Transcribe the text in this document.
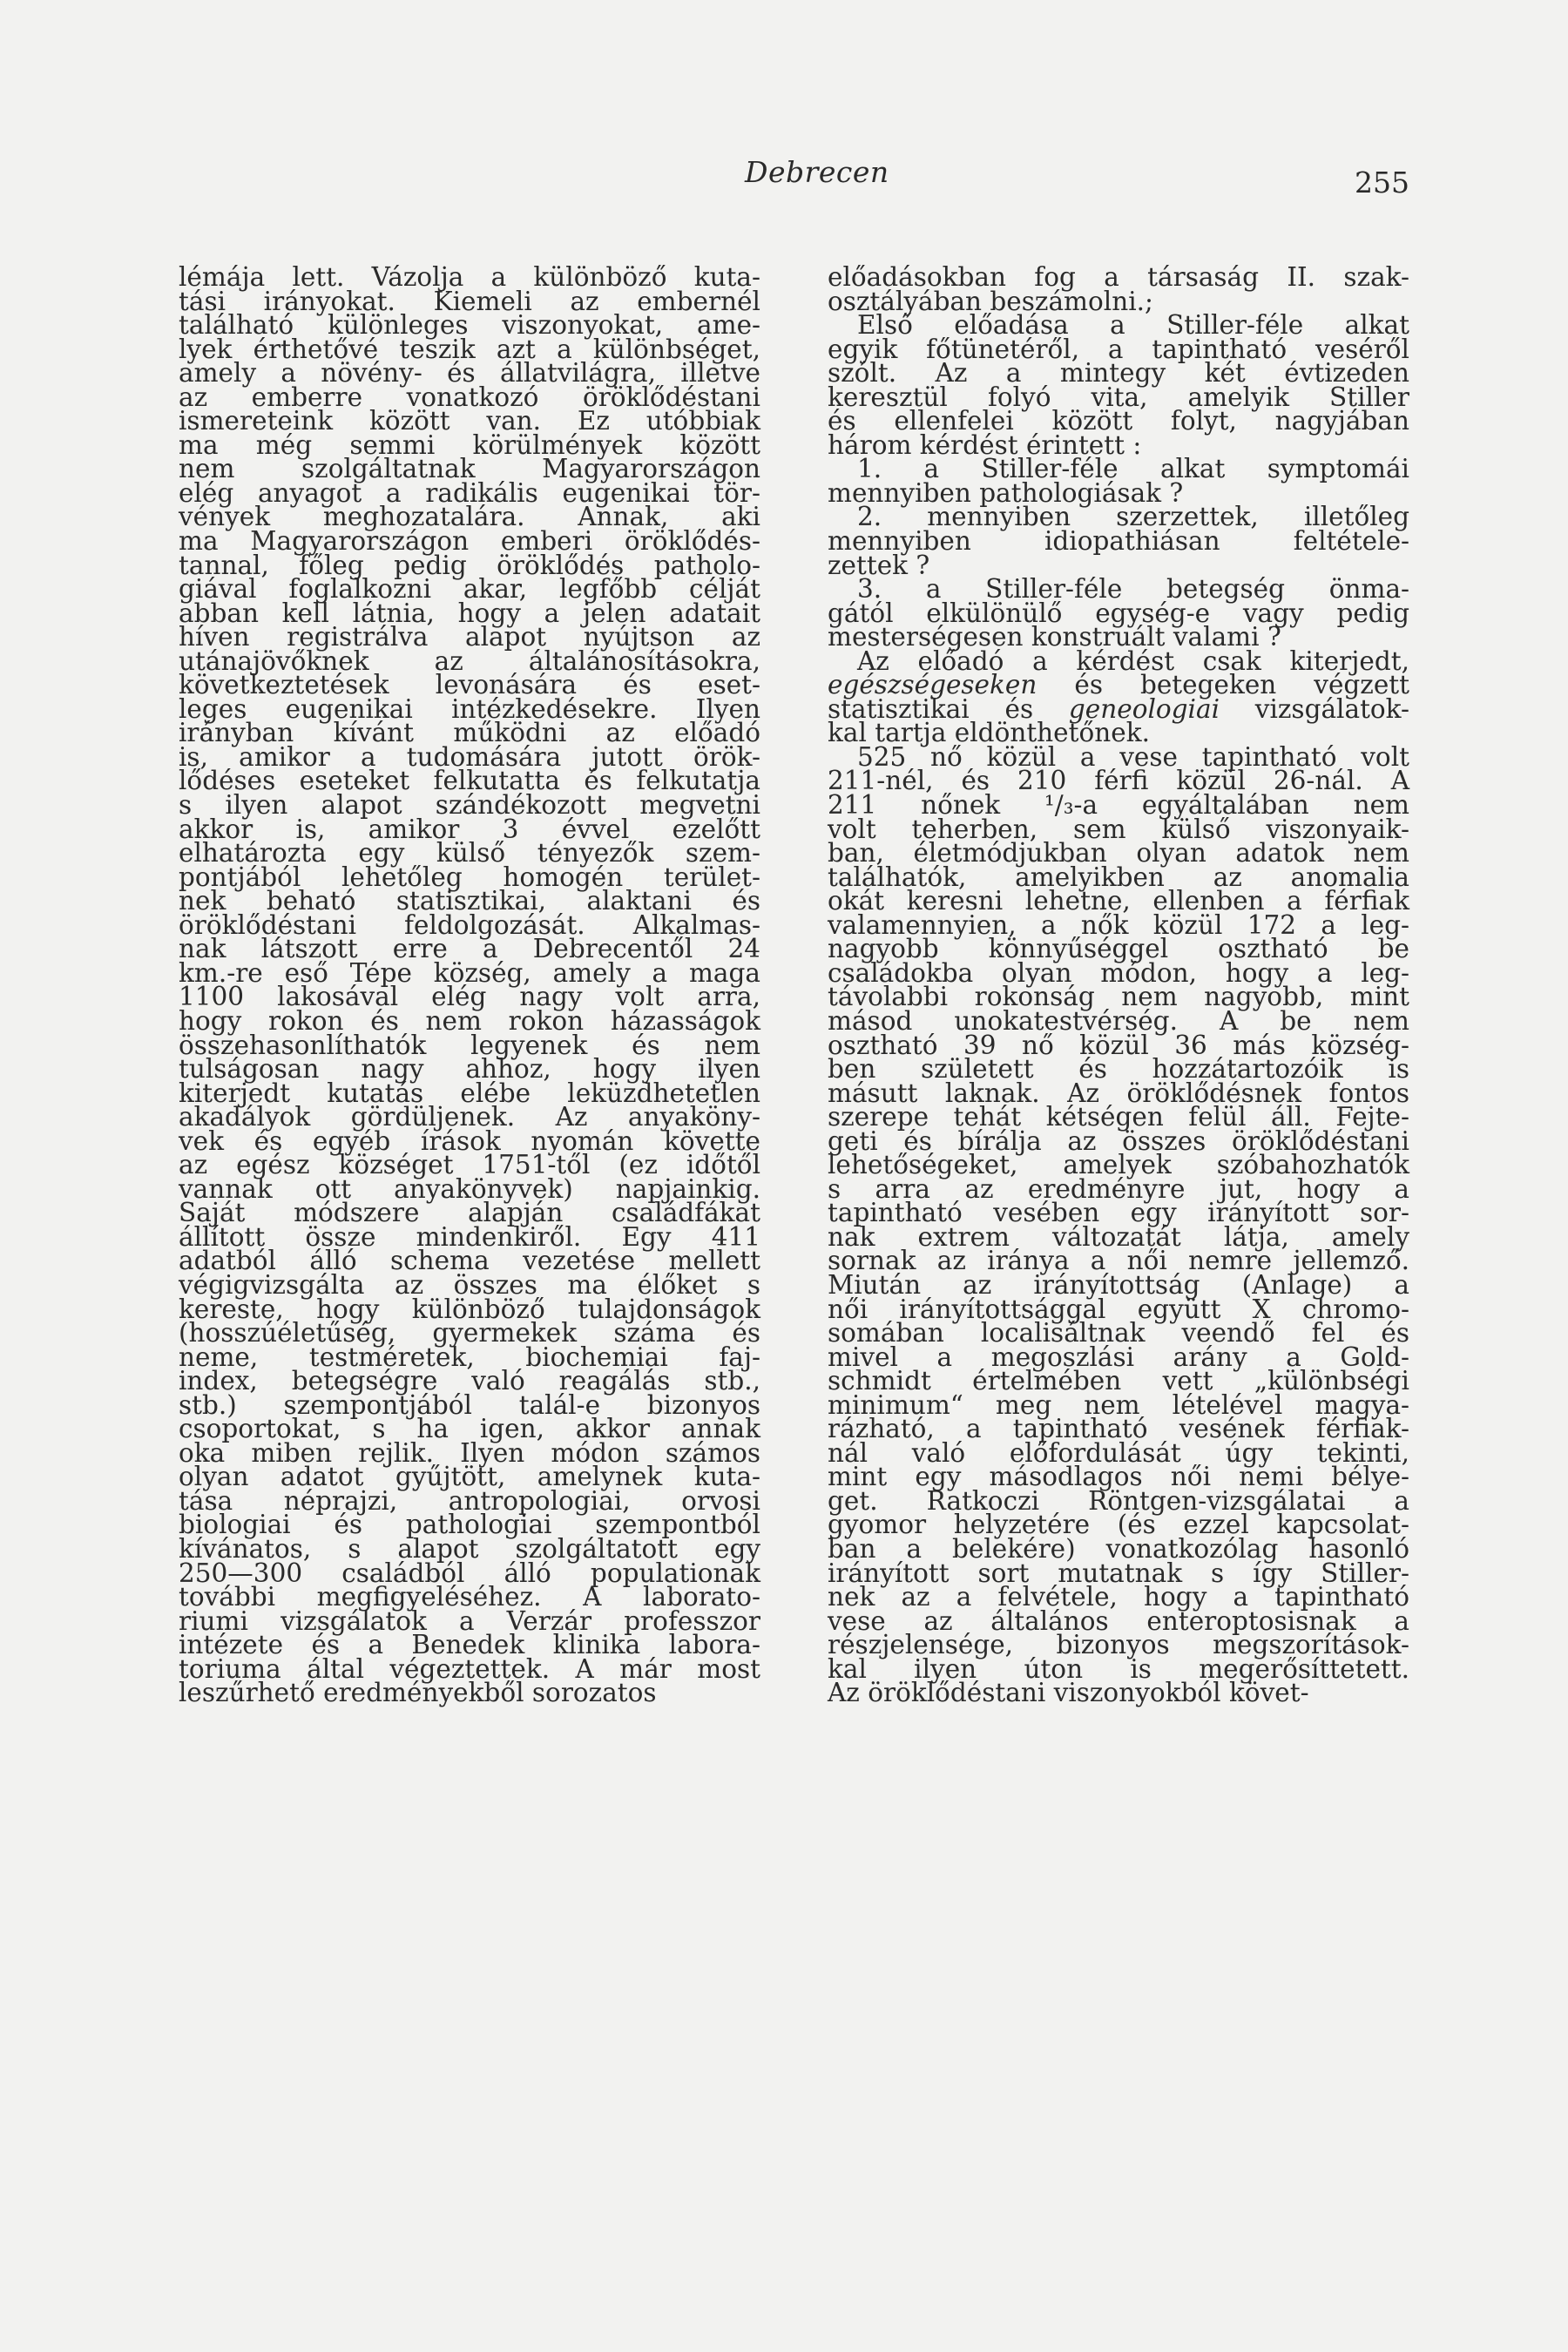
Debrecen	255
lémája lett. Vázolja a különböző kuta-
tási irányokat. Kiemeli az embernél
található különleges viszonyokat, ame-
lyek érthetővé teszik azt a különbséget,
amely a növény- és állatvilágra, illetve
az emberre vonatkozó öröklődéstani
ismereteink között van. Ez utóbbiak
ma még semmi körülmények között
nem szolgáltatnak Magyarországon
elég anyagot a radikális eugenikai tör-
vények meghozatalára. Annak, aki
ma Magyarországon emberi öröklődés-
tannal, főleg pedig öröklődés patholo-
giával foglalkozni akar, legfőbb célját
abban kell látnia, hogy a jelen adatait
híven registrálva alapot nyújtson az
utánajövőknek az általánosításokra,
következtetések levonására és eset-
leges eugenikai intézkedésekre. Ilyen
irányban kívánt működni az előadó
is, amikor a tudomására jutott örök-
lődéses eseteket felkutatta és felkutatja
s ilyen alapot szándékozott megvetni
akkor is, amikor 3 évvel ezelőtt
elhatározta egy külső tényezők szem-
pontjából lehetőleg homogén terület-
nek beható statisztikai, alaktani és
öröklődéstani feldolgozását. Alkalmas-
nak látszott erre a Debrecentől 24
km.-re eső Tépe község, amely a maga
1100 lakosával elég nagy volt arra,
hogy rokon és nem rokon házasságok
összehasonlíthatók legyenek és nem
tulságosan nagy ahhoz, hogy ilyen
kiterjedt kutatás elébe leküzdhetetlen
akadályok gördüljenek. Az anyaköny-
vek és egyéb írások nyomán követte
az egész községet 1751-től (ez időtől
vannak ott anyakönyvek) napjainkig.
Saját módszere alapján családfákat
állított össze mindenkiről. Egy 411
adatból álló schema vezetése mellett
végigvizsgálta az összes ma élőket s
kereste, hogy különböző tulajdonságok
(hosszúéletűség, gyermekek száma és
neme, testméretek, biochemiai faj-
index, betegségre való reagálás stb.,
stb.) szempontjából talál-e bizonyos
csoportokat, s ha igen, akkor annak
oka miben rejlik. Ilyen módon számos
olyan adatot gyűjtött, amelynek kuta-
tása néprajzi, antropologiai, orvosi
biologiai és pathologiai szempontból
kívánatos, s alapot szolgáltatott egy
250—300 családból álló populationak
további megfigyeléséhez. A laborato-
riumi vizsgálatok a Verzár professzor
intézete és a Benedek klinika labora-
toriuma által végeztettek. A már most
leszűrhető eredményekből sorozatos
előadásokban fog a társaság II. szak-
osztályában beszámolni.;
Első előadása a Stiller-féle alkat
egyik főtünetéről, a tapintható veséről
szólt. Az a mintegy két évtizeden
keresztül folyó vita, amelyik Stiller
és ellenfelei között folyt, nagyjában
három kérdést érintett :
1. a Stiller-féle alkat symptomái
mennyiben pathologiásak ?
2. mennyiben szerzettek, illetőleg
mennyiben idiopathiásan feltétele-
zettek ?
3. a Stiller-féle betegség önma-
gától elkülönülő egység-e vagy pedig
mesterségesen konstruált valami ?
Az előadó a kérdést csak kiterjedt,
egészségeseken és betegeken végzett
statisztikai és geneologiai vizsgálatok-
kal tartja eldönthetőnek.
525 nő közül a vese tapintható volt
211-nél, és 210 férfi közül 26-nál. A
211 nőnek ¹/₃-a egyáltalában nem
volt teherben, sem külső viszonyaik-
ban, életmódjukban olyan adatok nem
találhatók, amelyikben az anomalia
okát keresni lehetne, ellenben a férfiak
valamennyien, a nők közül 172 a leg-
nagyobb könnyűséggel osztható be
családokba olyan módon, hogy a leg-
távolabbi rokonság nem nagyobb, mint
másod unokatestvérség. A be nem
osztható 39 nő közül 36 más község-
ben született és hozzátartozóik is
másutt laknak. Az öröklődésnek fontos
szerepe tehát kétségen felül áll. Fejte-
geti és bírálja az összes öröklődéstani
lehetőségeket, amelyek szóbahozhatók
s arra az eredményre jut, hogy a
tapintható vesében egy irányított sor-
nak extrem változatát látja, amely
sornak az iránya a női nemre jellemző.
Miután az irányítottság (Anlage) a
női irányítottsággal együtt X chromo-
somában localisáltnak veendő fel és
mivel a megoszlási arány a Gold-
schmidt értelmében vett „különbségi
minimum“ meg nem lételével magya-
rázható, a tapintható vesének férfiak-
nál való előfordulását úgy tekinti,
mint egy másodlagos női nemi bélye-
get. Ratkoczi Röntgen-vizsgálatai a
gyomor helyzetére (és ezzel kapcsolat-
ban a belekére) vonatkozólag hasonló
irányított sort mutatnak s így Stiller-
nek az a felvétele, hogy a tapintható
vese az általános enteroptosisnak a
részjelensége, bizonyos megszorítások-
kal ilyen úton is megerősíttetett.
Az öröklődéstani viszonyokból követ-
